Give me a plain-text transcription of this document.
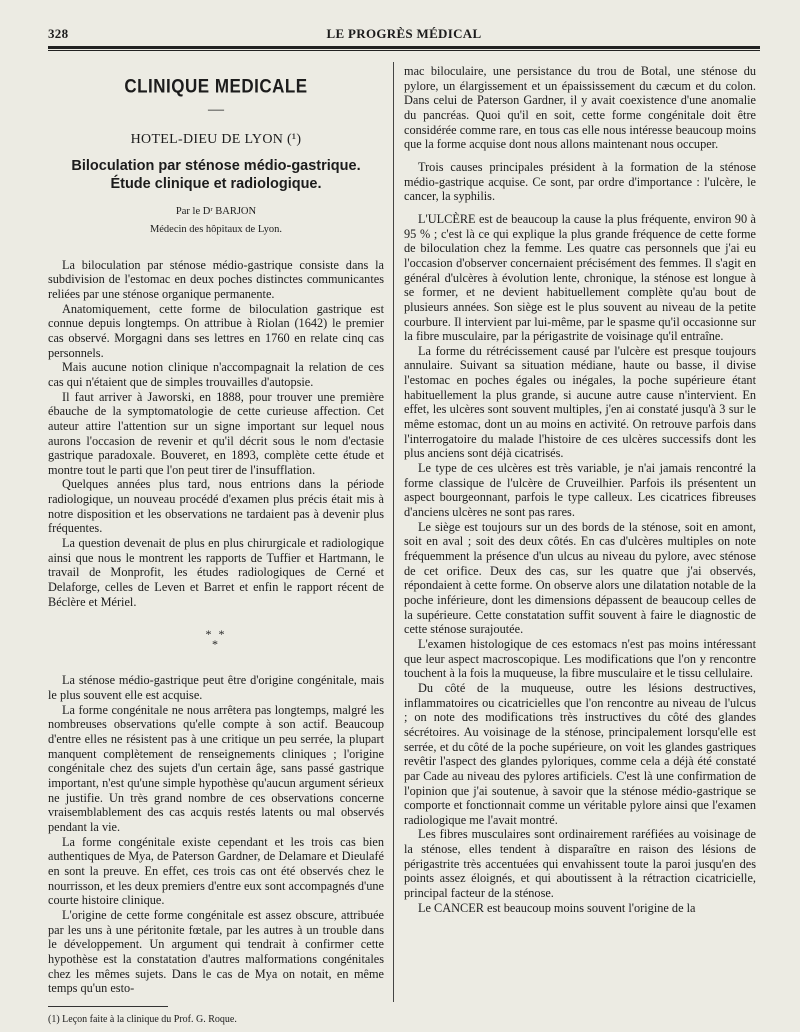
328	LE PROGRÈS MÉDICAL
CLINIQUE MEDICALE
—
HOTEL-DIEU DE LYON (¹)
Biloculation par sténose médio-gastrique.
Étude clinique et radiologique.
Par le Dʳ BARJON
Médecin des hôpitaux de Lyon.

La biloculation par sténose médio-gastrique consiste dans la subdivision de l'estomac en deux poches distinctes communicantes reliées par une sténose organique permanente.

Anatomiquement, cette forme de biloculation gastrique est connue depuis longtemps. On attribue à Riolan (1642) le premier cas observé. Morgagni dans ses lettres en 1760 en relate cinq cas personnels.

Mais aucune notion clinique n'accompagnait la relation de ces cas qui n'étaient que de simples trouvailles d'autopsie.

Il faut arriver à Jaworski, en 1888, pour trouver une première ébauche de la symptomatologie de cette curieuse affection. Cet auteur attire l'attention sur un signe important sur lequel nous aurons l'occasion de revenir et qu'il décrit sous le nom d'ectasie gastrique paradoxale. Bouveret, en 1893, complète cette étude et montre tout le parti que l'on peut tirer de l'insufflation.

Quelques années plus tard, nous entrions dans la période radiologique, un nouveau procédé d'examen plus précis était mis à notre disposition et les observations ne tardaient pas à devenir plus fréquentes.

La question devenait de plus en plus chirurgicale et radiologique ainsi que nous le montrent les rapports de Tuffier et Hartmann, le travail de Monprofit, les études radiologiques de Cerné et Delaforge, celles de Leven et Barret et enfin le rapport récent de Béclère et Mériel.

* *
*

La sténose médio-gastrique peut être d'origine congénitale, mais le plus souvent elle est acquise.

La forme congénitale ne nous arrêtera pas longtemps, malgré les nombreuses observations qu'elle compte à son actif. Beaucoup d'entre elles ne résistent pas à une critique un peu serrée, la plupart manquent complètement de renseignements cliniques ; l'origine congénitale chez des sujets d'un certain âge, sans passé gastrique important, n'est qu'une simple hypothèse qu'aucun argument sérieux ne justifie. Un très grand nombre de ces observations concerne vraisemblablement des cas acquis restés latents ou mal observés pendant la vie.

La forme congénitale existe cependant et les trois cas bien authentiques de Mya, de Paterson Gardner, de Delamare et Dieulafé en sont la preuve. En effet, ces trois cas ont été observés chez le nourrisson, et les deux premiers d'entre eux sont accompagnés d'une courte histoire clinique.

L'origine de cette forme congénitale est assez obscure, attribuée par les uns à une péritonite fœtale, par les autres à un trouble dans le développement. Un argument qui tendrait à confirmer cette hypothèse est la constatation d'autres malformations congénitales chez les mêmes sujets. Dans le cas de Mya on notait, en même temps qu'un esto-

(1) Leçon faite à la clinique du Prof. G. Roque.

mac biloculaire, une persistance du trou de Botal, une sténose du pylore, un élargissement et un épaississement du cæcum et du colon. Dans celui de Paterson Gardner, il y avait coexistence d'une anomalie du pancréas. Quoi qu'il en soit, cette forme congénitale doit être considérée comme rare, en tous cas elle nous intéresse beaucoup moins que la forme acquise dont nous allons maintenant nous occuper.

Trois causes principales président à la formation de la sténose médio-gastrique acquise. Ce sont, par ordre d'importance : l'ulcère, le cancer, la syphilis.

L'ULCÈRE est de beaucoup la cause la plus fréquente, environ 90 à 95 % ; c'est là ce qui explique la plus grande fréquence de cette forme de biloculation chez la femme. Les quatre cas personnels que j'ai eu l'occasion d'observer concernaient précisément des femmes. Il s'agit en général d'ulcères à évolution lente, chronique, la sténose est longue à se former, et ne devient habituellement complète qu'au bout de plusieurs années. Son siège est le plus souvent au niveau de la petite courbure. Il intervient par lui-même, par le spasme qu'il occasionne sur la fibre musculaire, par la périgastrite de voisinage qu'il entraîne.

La forme du rétrécissement causé par l'ulcère est presque toujours annulaire. Suivant sa situation médiane, haute ou basse, il divise l'estomac en poches égales ou inégales, la poche supérieure étant habituellement la plus grande, si aucune autre cause n'intervient. En effet, les ulcères sont souvent multiples, j'en ai constaté jusqu'à 3 sur le même estomac, dont un au moins en activité. On retrouve parfois dans l'interrogatoire du malade l'histoire de ces ulcères successifs dont les plus anciens sont déjà cicatrisés.

Le type de ces ulcères est très variable, je n'ai jamais rencontré la forme classique de l'ulcère de Cruveilhier. Parfois ils présentent un aspect bourgeonnant, parfois le type calleux. Les cicatrices fibreuses d'anciens ulcères ne sont pas rares.

Le siège est toujours sur un des bords de la sténose, soit en amont, soit en aval ; soit des deux côtés. En cas d'ulcères multiples on note fréquemment la présence d'un ulcus au niveau du pylore, avec sténose de cet orifice. Deux des cas, sur les quatre que j'ai observés, répondaient à cette forme. On observe alors une dilatation notable de la poche inférieure, dont les dimensions dépassent de beaucoup celles de la supérieure. Cette constatation suffit souvent à faire le diagnostic de cette sténose surajoutée.

L'examen histologique de ces estomacs n'est pas moins intéressant que leur aspect macroscopique. Les modifications que l'on y rencontre touchent à la fois la muqueuse, la fibre musculaire et le tissu cellulaire.

Du côté de la muqueuse, outre les lésions destructives, inflammatoires ou cicatricielles que l'on rencontre au niveau de l'ulcus ; on note des modifications très instructives du côté des glandes sécrétoires. Au voisinage de la sténose, principalement lorsqu'elle est serrée, et du côté de la poche supérieure, on voit les glandes gastriques revêtir l'aspect des glandes pyloriques, comme cela a déjà été constaté par Cade au niveau des pylores artificiels. C'est là une confirmation de l'opinion que j'ai soutenue, à savoir que la sténose médio-gastrique se comporte et fonctionnait comme un véritable pylore ainsi que l'examen radiologique me l'avait montré.

Les fibres musculaires sont ordinairement raréfiées au voisinage de la sténose, elles tendent à disparaître en raison des lésions de périgastrite très accentuées qui envahissent toute la paroi jusqu'en des points assez éloignés, et qui aboutissent à la rétraction cicatricielle, principal facteur de la sténose.

Le CANCER est beaucoup moins souvent l'origine de la
